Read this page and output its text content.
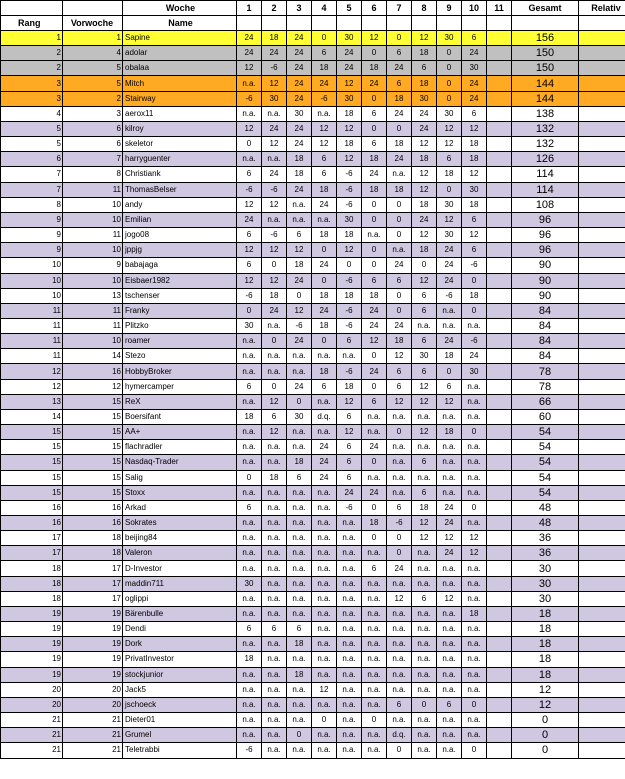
		Woche	1	2	3	4	5	6	7	8	9	10	11	Gesamt	Relativ
Rang	Vorwoche	Name													
1	1	Sapine	24	18	24	0	30	12	0	12	30	6		156	
2	4	adolar	24	24	24	6	24	0	6	18	0	24		150	
2	5	obalaa	12	-6	24	18	24	18	24	6	0	30		150	
3	5	Mitch	n.a.	12	24	24	12	24	6	18	0	24		144	
3	2	Stairway	-6	30	24	-6	30	0	18	30	0	24		144	
4	3	aerox11	n.a.	n.a.	30	n.a.	18	6	24	24	30	6		138	
5	6	kilroy	12	24	24	12	12	0	0	24	12	12		132	
5	6	skeletor	0	12	24	12	18	6	18	12	12	18		132	
6	7	harryguenter	n.a.	n.a.	18	6	12	18	24	18	6	18		126	
7	8	Christiank	6	24	18	6	-6	24	n.a.	12	18	12		114	
7	11	ThomasBelser	-6	-6	24	18	-6	18	18	12	0	30		114	
8	10	andy	12	12	n.a.	24	-6	0	0	18	30	18		108	
9	10	Emilian	24	n.a.	n.a.	n.a.	30	0	0	24	12	6		96	
9	11	jogo08	6	-6	6	18	18	n.a.	0	12	30	12		96	
9	10	jppjg	12	12	12	0	12	0	n.a.	18	24	6		96	
10	9	babajaga	6	0	18	24	0	0	24	0	24	-6		90	
10	10	Eisbaer1982	12	12	24	0	-6	6	6	12	24	0		90	
10	13	tschenser	-6	18	0	18	18	18	0	6	-6	18		90	
11	11	Franky	0	24	12	24	-6	24	0	6	n.a.	0		84	
11	11	Plitzko	30	n.a.	-6	18	-6	24	24	n.a.	n.a.	n.a.		84	
11	10	roamer	n.a.	0	24	0	6	12	18	6	24	-6		84	
11	14	Stezo	n.a.	n.a.	n.a.	n.a.	n.a.	0	12	30	18	24		84	
12	16	HobbyBroker	n.a.	n.a.	n.a.	18	-6	24	6	6	0	30		78	
12	12	hymercamper	6	0	24	6	18	0	6	12	6	n.a.		78	
13	15	ReX	n.a.	12	0	n.a.	12	6	12	12	12	n.a.		66	
14	15	Boersifant	18	6	30	d.q.	6	n.a.	n.a.	n.a.	n.a.	n.a.		60	
15	15	AA+	n.a.	12	n.a.	n.a.	12	n.a.	0	12	18	0		54	
15	15	flachradler	n.a.	n.a.	n.a.	24	6	24	n.a.	n.a.	n.a.	n.a.		54	
15	15	Nasdaq-Trader	n.a.	n.a.	18	24	6	0	n.a.	6	n.a.	n.a.		54	
15	15	Salig	0	18	6	24	6	n.a.	n.a.	n.a.	n.a.	n.a.		54	
15	15	Stoxx	n.a.	n.a.	n.a.	n.a.	24	24	n.a.	6	n.a.	n.a.		54	
16	16	Arkad	6	n.a.	n.a.	n.a.	-6	0	6	18	24	0		48	
16	16	Sokrates	n.a.	n.a.	n.a.	n.a.	n.a.	18	-6	12	24	n.a.		48	
17	18	beijing84	n.a.	n.a.	n.a.	n.a.	n.a.	0	0	12	12	12		36	
17	18	Valeron	n.a.	n.a.	n.a.	n.a.	n.a.	n.a.	0	n.a.	24	12		36	
18	17	D-Investor	n.a.	n.a.	n.a.	n.a.	n.a.	6	24	n.a.	n.a.	n.a.		30	
18	17	maddin711	30	n.a.	n.a.	n.a.	n.a.	n.a.	n.a.	n.a.	n.a.	n.a.		30	
18	17	oglippi	n.a.	n.a.	n.a.	n.a.	n.a.	n.a.	12	6	12	n.a.		30	
19	19	Bärenbulle	n.a.	n.a.	n.a.	n.a.	n.a.	n.a.	n.a.	n.a.	n.a.	18		18	
19	19	Dendi	6	6	6	n.a.	n.a.	n.a.	n.a.	n.a.	n.a.	n.a.		18	
19	19	Dork	n.a.	n.a.	18	n.a.	n.a.	n.a.	n.a.	n.a.	n.a.	n.a.		18	
19	19	PrivatInvestor	18	n.a.	n.a.	n.a.	n.a.	n.a.	n.a.	n.a.	n.a.	n.a.		18	
19	19	stockjunior	n.a.	n.a.	18	n.a.	n.a.	n.a.	n.a.	n.a.	n.a.	n.a.		18	
20	20	Jack5	n.a.	n.a.	n.a.	12	n.a.	n.a.	n.a.	n.a.	n.a.	n.a.		12	
20	20	jschoeck	n.a.	n.a.	n.a.	n.a.	n.a.	n.a.	6	0	6	0		12	
21	21	Dieter01	n.a.	n.a.	n.a.	0	n.a.	0	n.a.	n.a.	n.a.	n.a.		0	
21	21	Grumel	n.a.	n.a.	0	n.a.	n.a.	n.a.	d.q.	n.a.	n.a.	n.a.		0	
21	21	Teletrabbi	-6	n.a.	n.a.	n.a.	n.a.	n.a.	0	n.a.	n.a.	0		0	
